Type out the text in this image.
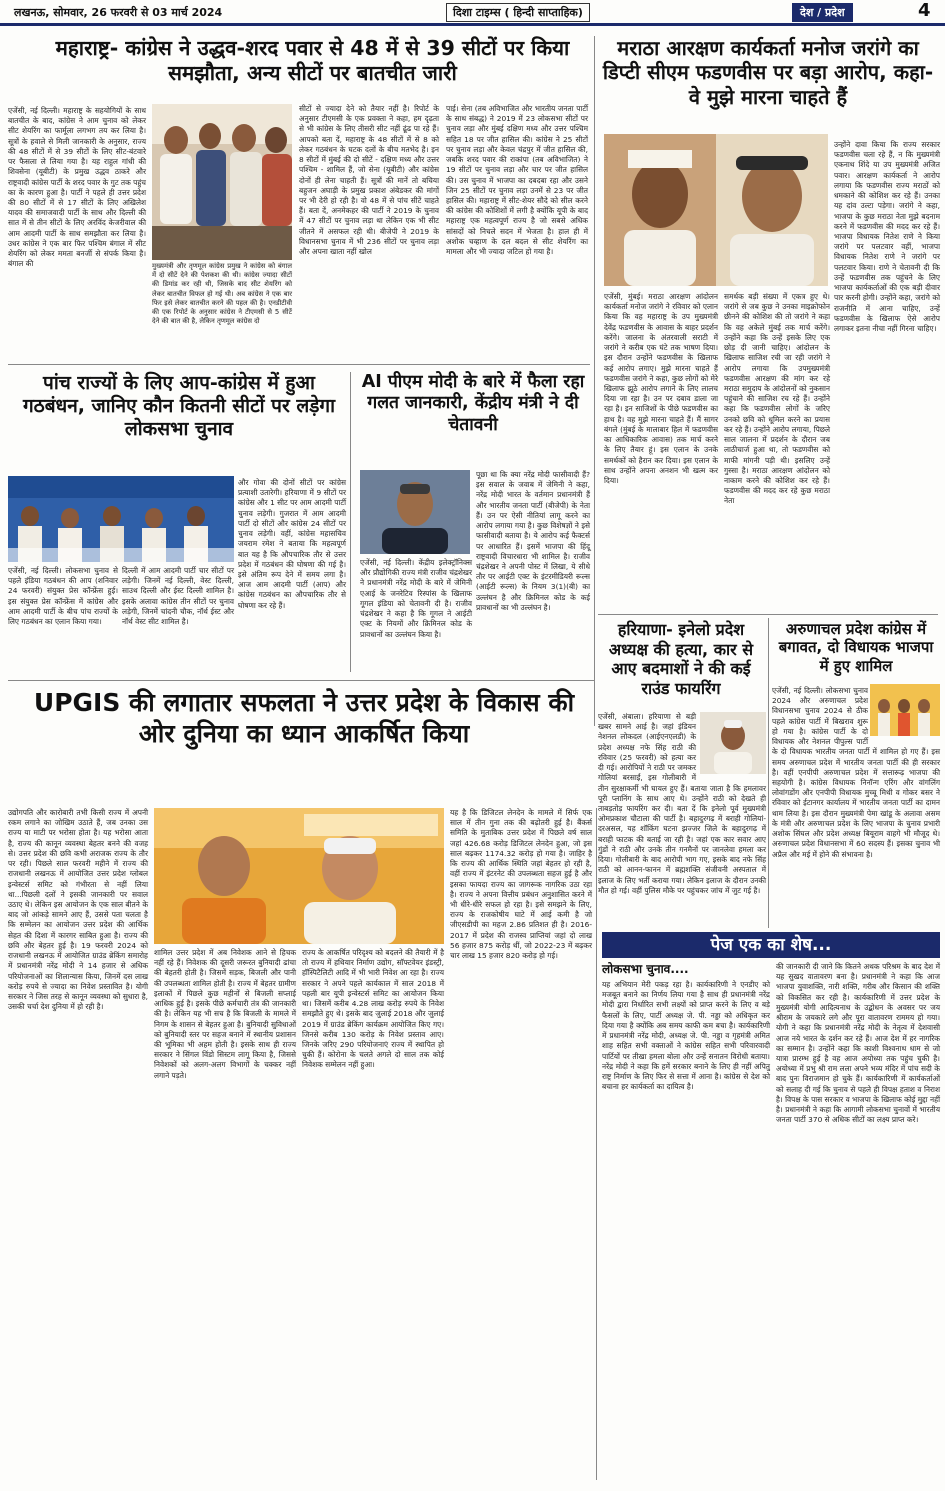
लखनऊ, सोमवार, 26 फरवरी से 03 मार्च 2024	दिशा टाइम्स ( हिन्दी साप्ताहिक)	देश / प्रदेश	4
महाराष्ट्र- कांग्रेस ने उद्धव-शरद पवार से 48 में से 39 सीटों पर किया समझौता, अन्य सीटों पर बातचीत जारी
एजेंसी, नई दिल्ली। महाराष्ट्र के सहयोगियों के साथ बातचीत के बाद, कांग्रेस ने आम चुनाव को लेकर सीट शेयरिंग का फार्मूला लगभग तय कर लिया है। सूत्रों के हवाले से मिली जानकारी के अनुसार, राज्य की 48 सीटों में से 39 सीटों के लिए सीट-बंटवारे पर फैसला ले लिया गया है। यह राहुल गांधी की शिवसेना (यूबीटी) के प्रमुख उद्धव ठाकरे और राष्ट्रवादी कांग्रेस पार्टी के शरद पवार के गुट तक पहुंच का के कारण हुआ है। पार्टी ने पहले ही उत्तर प्रदेश की 80 सीटों में से 17 सीटों के लिए अखिलेश यादव की समाजवादी पार्टी के साथ और दिल्ली की सात में से तीन सीटों के लिए अरविंद केजरीवाल की आम आदमी पार्टी के साथ समझौता कर लिया है। उधर कांग्रेस ने एक बार फिर पश्चिम बंगाल में सीट शेयरिंग को लेकर ममता बनर्जी से संपर्क किया है। बंगाल की	मुख्यमंत्री और तृणमूल कांग्रेस प्रमुख ने कांग्रेस को बंगाल में दो सीटें देने की पेशकश की थी। कांग्रेस ज्यादा सीटों की डिमांड कर रही थी, जिसके बाद सीट शेयरिंग को लेकर बातचीत विफल हो गई थी। अब कांग्रेस ने एक बार फिर इसे लेकर बातचीत करने की पहल की है। एनडीटीवी की एक रिपोर्ट के अनुसार कांग्रेस ने टीएमसी से 5 सीटें देने की बात की है, लेकिन तृणमूल कांग्रेस दो
सीटों से ज्यादा देने को तैयार नहीं है। रिपोर्ट के अनुसार टीएमसी के एक प्रवक्ता ने कहा, हम दृढ़ता से भी कांग्रेस के लिए तीसरी सीट नहीं ढूंढ पा रहे हैं। आपको बता दें, महाराष्ट्र के 48 सीटों में से 8 को लेकर गठबंधन के घटक दलों के बीच मतभेद है। इन 8 सीटों में मुंबई की दो सीटें - दक्षिण मध्य और उत्तर पश्चिम - शामिल हैं, जो सेना (यूबीटी) और कांग्रेस दोनों ही लेना चाहती हैं। सूत्रों की मानें तो बचिया बहुजन अघाड़ी के प्रमुख प्रकाश अंबेडकर की मांगों पर भी देरी हो रही है। वो 48 में से पांच सीटें चाहते हैं। बता दें, अनमेकहर की पार्टी ने 2019 के चुनाव में 47 सीटों पर चुनाव लड़ा था लेकिन एक भी सीट जीतने में असफल रही थी। बीजेपी ने 2019 के विधानसभा चुनाव में भी 236 सीटों पर चुनाव लड़ा और अपना खाता नहीं खोल
पाई। सेना (तब अविभाजित और भारतीय जनता पार्टी के साथ संबद्ध) ने 2019 में 23 लोकसभा सीटों पर चुनाव लड़ा और मुंबई दक्षिण मध्य और उत्तर पश्चिम सहित 18 पर जीत हासिल की। कांग्रेस ने 25 सीटों पर चुनाव लड़ा और केवल चंद्रपुर में जीत हासिल की, जबकि शरद पवार की राकांपा (तब अविभाजित) ने 19 सीटों पर चुनाव लड़ा और चार पर जीत हासिल की। उस चुनाव में भाजपा का दबदबा रहा और उसने जिन 25 सीटों पर चुनाव लड़ा उनमें से 23 पर जीत हासिल की। महाराष्ट्र में सीट-शेयर सौदे को सील करने की कांग्रेस की कोशिशों में लगी है क्योंकि यूपी के बाद महाराष्ट्र एक महत्वपूर्ण राज्य है जो सबसे अधिक सांसदों को निचले सदन में भेजता है। हाल ही में अशोक चव्हाण के दल बदल से सीट शेयरिंग का मामला और भी ज्यादा जटिल हो गया है।
मराठा आरक्षण कार्यकर्ता मनोज जरांगे का डिप्टी सीएम फडणवीस पर बड़ा आरोप, कहा- वे मुझे मारना चाहते हैं
उन्होंने दावा किया कि राज्य सरकार फडणवीस चला रहे हैं, न कि मुख्यमंत्री एकनाथ शिंदे या उप मुख्यमंत्री अजित पवार। आरक्षण कार्यकर्ता ने आरोप लगाया कि फडणवीस राज्य मराठों को धमकाने की कोशिश कर रहे हैं। उनका यह दांव उल्टा पड़ेगा। जरांगे ने कहा, भाजपा के कुछ मराठा नेता मुझे बदनाम करने में फडणवीस की मदद कर रहे हैं। भाजपा विधायक नितेश राणे ने किया जरांगे पर पलटवार वहीं, भाजपा विधायक नितेश राणे ने जरांगे पर पलटवार किया। राणे ने चेतावनी दी कि उन्हें फडणवीस तक पहुंचने के लिए भाजपा कार्यकर्ताओं की एक बड़ी दीवार पार करनी होगी। उन्होंने कहा, जरांगे को राजनीति में आना चाहिए, उन्हें फडणवीस के खिलाफ ऐसे आरोप लगाकर इतना नीचा नहीं गिरना चाहिए।
एजेंसी, मुंबई। मराठा आरक्षण आंदोलन कार्यकर्ता मनोज जरांगे ने रविवार को एलान किया कि वह महाराष्ट्र के उप मुख्यमंत्री देवेंद्र फडणवीस के आवास के बाहर प्रदर्शन करेंगे। जालना के अंतरवाली सराटी में जरांगे ने करीब एक घंटे तक भाषण दिया। इस दौरान उन्होंने फडणवीस के खिलाफ कई आरोप लगाए। मुझे मारना चाहते हैं फडणवीस जरांगे ने कहा, कुछ लोगों को मेरे खिलाफ झूठे आरोप लगाने के लिए लालच दिया जा रहा है। उन पर दबाव डाला जा रहा है। इन साजिशों के पीछे फडणवीस का हाथ है। वह मुझे मारना चाहते हैं। मैं सागर बंगले (मुंबई के मालाबार हिल में फडणवीस का आधिकारिक आवास) तक मार्च करने के लिए तैयार हूं। इस एलान के उनके समर्थकों को हैरान कर दिया। इस एलान के साथ उन्होंने अपना अनशन भी खत्म कर दिया।
समर्थक बड़ी संख्या में एकत्र हुए थे। जरांगे से जब कुछ ने उनका माइक्रोफोन छीनने की कोशिश की तो जरांगे ने कहा कि वह अकेले मुंबई तक मार्च करेंगे। उन्होंने कहा कि उन्हें इसके लिए एक छोड़ दी जानी चाहिए। आंदोलन के खिलाफ साजिश रची जा रही जरांगे ने आरोप लगाया कि उपमुख्यमंत्री फडणवीस आरक्षण की मांग कर रहे मराठा समुदाय के आंदोलनों को नुकसान पहुंचाने की साजिश रच रहे हैं। उन्होंने कहा कि फडणवीस लोगों के जरिए उनको छवि को धूमिल करने का प्रयास कर रहे हैं। उन्होंने आरोप लगाया, पिछले साल जालना में प्रदर्शन के दौरान जब लाठीचार्ज हुआ था, तो फडणवीस को माफी मांगनी पड़ी थी। इसलिए उन्हें गुस्सा है। मराठा आरक्षण आंदोलन को नाकाम करने की कोशिश कर रहे हैं। फडणवीस की मदद कर रहे कुछ मराठा नेता
पांच राज्यों के लिए आप-कांग्रेस में हुआ गठबंधन, जानिए कौन कितनी सीटों पर लड़ेगा लोकसभा चुनाव
और गोवा की दोनों सीटों पर कांग्रेस प्रत्याशी उतारेगी। हरियाणा में 9 सीटों पर कांग्रेस और 1 सीट पर आम आदमी पार्टी चुनाव लड़ेगी। गुजरात में आम आदमी पार्टी दो सीटों और कांग्रेस 24 सीटों पर चुनाव लड़ेगी। वहीं, कांग्रेस महासचिव जयराम रमेश ने बताया कि महत्वपूर्ण बात यह है कि औपचारिक तौर से उत्तर प्रदेश में गठबंधन की घोषणा की गई है। इसे अंतिम रूप देने में समय लगा है। आज आम आदमी पार्टी (आप) और कांग्रेस गठबंधन का औपचारिक तौर से घोषणा कर रहे हैं।
एजेंसी, नई दिल्ली। लोकसभा चुनाव से पहले इंडिया गठबंधन की आप (शनिवार 24 फरवरी) संयुक्त प्रेस कॉन्फ्रेंस हुई। इस संयुक्त प्रेस कॉन्फ्रेंस में कांग्रेस और आम आदमी पार्टी के बीच पांच राज्यों के लिए गठबंधन का एलान किया गया।
दिल्ली में आम आदमी पार्टी चार सीटों पर लड़ेगी। जिनमें नई दिल्ली, वेस्ट दिल्ली, साउथ दिल्ली और ईस्ट दिल्ली शामिल है। इसके अलावा कांग्रेस तीन सीटों पर चुनाव लड़ेगी, जिनमें चांदनी चौक, नॉर्थ ईस्ट और नॉर्थ वेस्ट सीट शामिल है।
AI पीएम मोदी के बारे में फैला रहा गलत जानकारी, केंद्रीय मंत्री ने दी चेतावनी
पूछा था कि क्या नरेंद्र मोदी फासीवादी हैं? इस सवाल के जवाब में जेमिनी ने कहा, नरेंद्र मोदी भारत के वर्तमान प्रधानमंत्री हैं और भारतीय जनता पार्टी (बीजेपी) के नेता हैं। उन पर ऐसी नीतियां लागू करने का आरोप लगाया गया है। कुछ विशेषज्ञों ने इसे फासीवादी बताया है। ये आरोप कई फैक्टर्स पर आधारित हैं। इसमें भाजपा की हिंदू राष्ट्रवादी विचारधारा भी शामिल है। राजीव चंद्रशेखर ने अपनी पोस्ट में लिखा, ये सीधे तौर पर आईटी एक्ट के इंटरमीडियरी रूल्स (आईटी रूल्स) के नियम 3(1)(बी) का उल्लंघन है और क्रिमिनल कोड के कई प्रावधानों का भी उल्लंघन है।
एजेंसी, नई दिल्ली। केंद्रीय इलेक्ट्रॉनिक्स और प्रौद्योगिकी राज्य मंत्री राजीव चंद्रशेखर ने प्रधानमंत्री नरेंद्र मोदी के बारे में जेमिनी एआई के जनरेटिव रिस्पांस के खिलाफ गूगल इंडिया को चेतावनी दी है। राजीव चंद्रशेखर ने कहा है कि गूगल ने आईटी एक्ट के नियमों और क्रिमिनल कोड के प्रावधानों का उल्लंघन किया है।	हरियाणा- इनेलो प्रदेश अध्यक्ष की हत्या, कार से आए बदमाशों ने की कई राउंड फायरिंग
एजेंसी, अंबाला। हरियाणा से बड़ी खबर सामने आई है। जहां इंडियन नेशनल लोकदल (आईएनएलडी) के प्रदेश अध्यक्ष नफे सिंह राठी की रविवार (25 फरवरी) को हत्या कर दी गई। आरोपियों ने राठी पर जमकर गोलियां बरसाईं, इस गोलीबारी में तीन सुरक्षाकर्मी भी घायल हुए हैं। बताया जाता है कि हमलावर पूरी प्लानिंग के साथ आए थे। उन्होंने राठी को देखते ही ताबड़तोड़ फायरिंग कर दी। बता दें कि इनेलो पूर्व मुख्यमंत्री ओमप्रकाश चौटाला की पार्टी है। बहादुरगढ़ में बराही गोलियां- दरअसल, यह शॉकिंग घटना झज्जर जिले के बहादुरगढ़ में बराही फाटक की बताई जा रही है। जहां एक कार सवार आए गुंडों ने राठी और उनके तीन गनमैनों पर जानलेवा हमला कर दिया। गोलीबारी के बाद आरोपी भाग गए, इसके बाद नफे सिंह राठी को आनन-फानन में ब्रह्मशक्ति संजीवनी अस्पताल में इलाज के लिए भर्ती कराया गया। लेकिन इलाज के दौरान उनकी मौत हो गई। वहीं पुलिस मौके पर पहुंचकर जांच में जुट गई है।
अरुणाचल प्रदेश कांग्रेस में बगावत, दो विधायक भाजपा में हुए शामिल
एजेंसी, नई दिल्ली। लोकसभा चुनाव 2024 और अरुणाचल प्रदेश विधानसभा चुनाव 2024 से ठीक पहले कांग्रेस पार्टी में बिखराव शुरू हो गया है। कांग्रेस पार्टी के दो विधायक और नेशनल पीपुल्स पार्टी के दो विधायक भारतीय जनता पार्टी में शामिल हो गए हैं। इस समय अरुणाचल प्रदेश में भारतीय जनता पार्टी की ही सरकार है। वहीं एनपीपी अरुणाचल प्रदेश में सत्तारूढ़ भाजपा की सहयोगी है। कांग्रेस विधायक निनॉन्ग एरिंग और वांगलिंग लोवांगडोंग और एनपीपी विधायक मुच्चू मिथी व गोकर बसर ने रविवार को ईटानगर कार्यालय में भारतीय जनता पार्टी का दामन थाम लिया है। इस दौरान मुख्यमंत्री पेमा खांडू के अलावा असम के मंत्री और अरुणाचल प्रदेश के लिए भाजपा के चुनाव प्रभारी अशोक सिंघल और प्रदेश अध्यक्ष बियूराम वाहगे भी मौजूद थे। अरुणाचल प्रदेश विधानसभा में 60 सदस्य हैं। इसका चुनाव भी अप्रैल और मई में होने की संभावना है।
UPGIS की लगातार सफलता ने उत्तर प्रदेश के विकास की ओर दुनिया का ध्यान आकर्षित किया
उद्योगपति और कारोबारी तभी किसी राज्य में अपनी रकम लगाने का जोखिम उठाते हैं, जब उनका उस राज्य या माटी पर भरोसा होता है। यह भरोसा आता है, राज्य की कानून व्यवस्था बेहतर बनने की वजह से। उत्तर प्रदेश की छवि कभी अराजक राज्य के तौर पर रही। पिछले साल फरवरी महीने में राज्य की राजधानी लखनऊ में आयोजित उत्तर प्रदेश ग्लोबल इन्वेस्टर्स समिट को गंभीरता से नहीं लिया था...पिछली दलों ने इसकी जानकारी पर सवाल उठाए थे। लेकिन इस आयोजन के एक साल बीतने के बाद जो आंकड़े सामने आए हैं, उससे पता चलता है कि सम्मेलन का आयोजन उत्तर प्रदेश की आर्थिक सेहत की दिशा में कारगर साबित हुआ है। राज्य की छवि और बेहतर हुई है। 19 फरवरी 2024 को राजधानी लखनऊ में आयोजित ग्राउंड ब्रेकिंग समारोह में प्रधानमंत्री नरेंद्र मोदी ने 14 हजार से अधिक परियोजनाओं का शिलान्यास किया, जिनमें दस लाख करोड़ रुपये से ज्यादा का निवेश प्रस्तावित है। योगी सरकार ने जिस तरह से कानून व्यवस्था को सुधारा है, उसकी चर्चा देश दुनिया में हो रही है।
शामिल उत्तर प्रदेश में अब निवेशक आने से हिचक नहीं रहे हैं। निवेशक की दूसरी जरूरत बुनियादी ढांचा की बेहतरी होती है। जिसमें सड़क, बिजली और पानी की उपलब्धता शामिल होती है। राज्य में बेहतर ग्रामीण इलाकों में पिछले कुछ महीनों से बिजली सप्लाई आधिक हुई है। इसके पीछे कर्मचारी तंत्र की जानकारी की है। लेकिन यह भी सच है कि बिजली के मामले में निगम के शासन से बेहतर हुआ है। बुनियादी सुविधाओं को बुनियादी स्तर पर सहज बनाने में स्थानीय प्रशासन की भूमिका भी अहम होती है। इसके साथ ही राज्य सरकार ने सिंगल विंडो सिस्टम लागू किया है, जिससे निवेशकों को अलग-अलग विभागों के चक्कर नहीं लगाने पड़ते।
राज्य के आकर्षित परिदृश्य को बदलने की तैयारी में है तो राज्य में हथियार निर्माण उद्योग, सॉफ्टवेयर इंडस्ट्री, हॉस्पिटैलिटी आदि में भी भारी निवेश आ रहा है। राज्य सरकार ने अपने पहले कार्यकाल में साल 2018 में पहली बार यूपी इन्वेस्टर्स समिट का आयोजन किया था। जिसमें करीब 4.28 लाख करोड़ रुपये के निवेश समझौते हुए थे। इसके बाद जुलाई 2018 और जुलाई 2019 में ग्राउंड ब्रेकिंग कार्यक्रम आयोजित किए गए। जिनसे करीब 130 करोड़ के निवेश प्रस्ताव आए। जिनके जरिए 290 परियोजनाएं राज्य में स्थापित हो चुकी हैं। कोरोना के चलते अगले दो साल तक कोई निवेशक सम्मेलन नहीं हुआ।
यह है कि डिजिटल लेनदेन के मामले में सिर्फ एक साल में तीन गुना तक की बढ़ोतरी हुई है। बैंकर्स समिति के मुताबिक उत्तर प्रदेश में पिछले वर्ष साल जहां 426.68 करोड़ डिजिटल लेनदेन हुआ, जो इस साल बढ़कर 1174.32 करोड़ हो गया है। जाहिर है कि राज्य की आर्थिक स्थिति जहां बेहतर हो रही है, वहीं राज्य में इंटरनेट की उपलब्धता सहज हुई है और इसका फायदा राज्य का जागरूक नागरिक उठा रहा है। राज्य ने अपना वित्तीय प्रबंधन अनुशासित करने में भी धीरे-धीरे सफल हो रहा है। इसे समझने के लिए, राज्य के राजकोषीय घाटे में आई कमी है जो जीएसडीपी का महज 2.86 प्रतिशत ही है। 2016-2017 में प्रदेश की राजस्व प्राप्तियां जहां दो लाख 56 हजार 875 करोड़ थीं, जो 2022-23 में बढ़कर चार लाख 15 हजार 820 करोड़ हो गई।
पेज एक का शेष...
लोकसभा चुनाव....
यह अभियान मेरी पकड़ रहा है। कार्यकारिणी ने एनडीए को मजबूत बनाने का निर्णय लिया गया है साथ ही प्रधानमंत्री नरेंद्र मोदी द्वारा निर्धारित सभी लक्ष्यों को प्राप्त करने के लिए व बड़े फैसलों के लिए, पार्टी अध्यक्ष जे. पी. नड्डा को अधिकृत कर दिया गया है क्योंकि अब समय काफी कम बचा है। कार्यकारिणी में प्रधानमंत्री नरेंद्र मोदी, अध्यक्ष जे. पी. नड्डा व गृहमंत्री अमित शाह सहित सभी वक्ताओं ने कांग्रेस सहित सभी परिवारवादी पार्टियों पर तीखा हमला बोला और उन्हें सनातन विरोधी बताया। नरेंद्र मोदी ने कहा कि हमें सरकार बनाने के लिए ही नहीं अपितु राष्ट्र निर्माण के लिए फिर से सत्ता में आना है। कांग्रेस से देश को बचाना हर कार्यकर्ता का दायित्व है।
की जानकारी दी जाने कि कितने अथक परिश्रम के बाद देश में यह सुखद वातावरण बना है। प्रधानमंत्री ने कहा कि आज भाजपा युवाशक्ति, नारी शक्ति, गरीब और किसान की शक्ति को विकसित कर रही है। कार्यकारिणी में उत्तर प्रदेश के मुख्यमंत्री योगी आदित्यनाथ के उद्बोधन के अवसर पर जय श्रीराम के जयकारे लगे और पूरा वातावरण राममय हो गया। योगी ने कहा कि प्रधानमंत्री नरेंद्र मोदी के नेतृत्व में देशवासी आज नये भारत के दर्शन कर रहे हैं। आज देश में हर नागरिक का सम्मान है। उन्होंने कहा कि काशी विश्वनाथ धाम से जो यात्रा प्रारम्भ हुई है वह आज अयोध्या तक पहुंच चुकी है। अयोध्या में प्रभु श्री राम लला अपने भव्य मंदिर में पांच सदी के बाद पुनः विराजमान हो चुके हैं। कार्यकारिणी में कार्यकर्ताओं को सलाह दी गई कि चुनाव से पहले ही विपक्ष हताश व निराश है। विपक्ष के पास सरकार व भाजपा के खिलाफ कोई मुद्दा नहीं है। प्रधानमंत्री ने कहा कि आगामी लोकसभा चुनावों में भारतीय जनता पार्टी 370 से अधिक सीटों का लक्ष्य प्राप्त करे।
